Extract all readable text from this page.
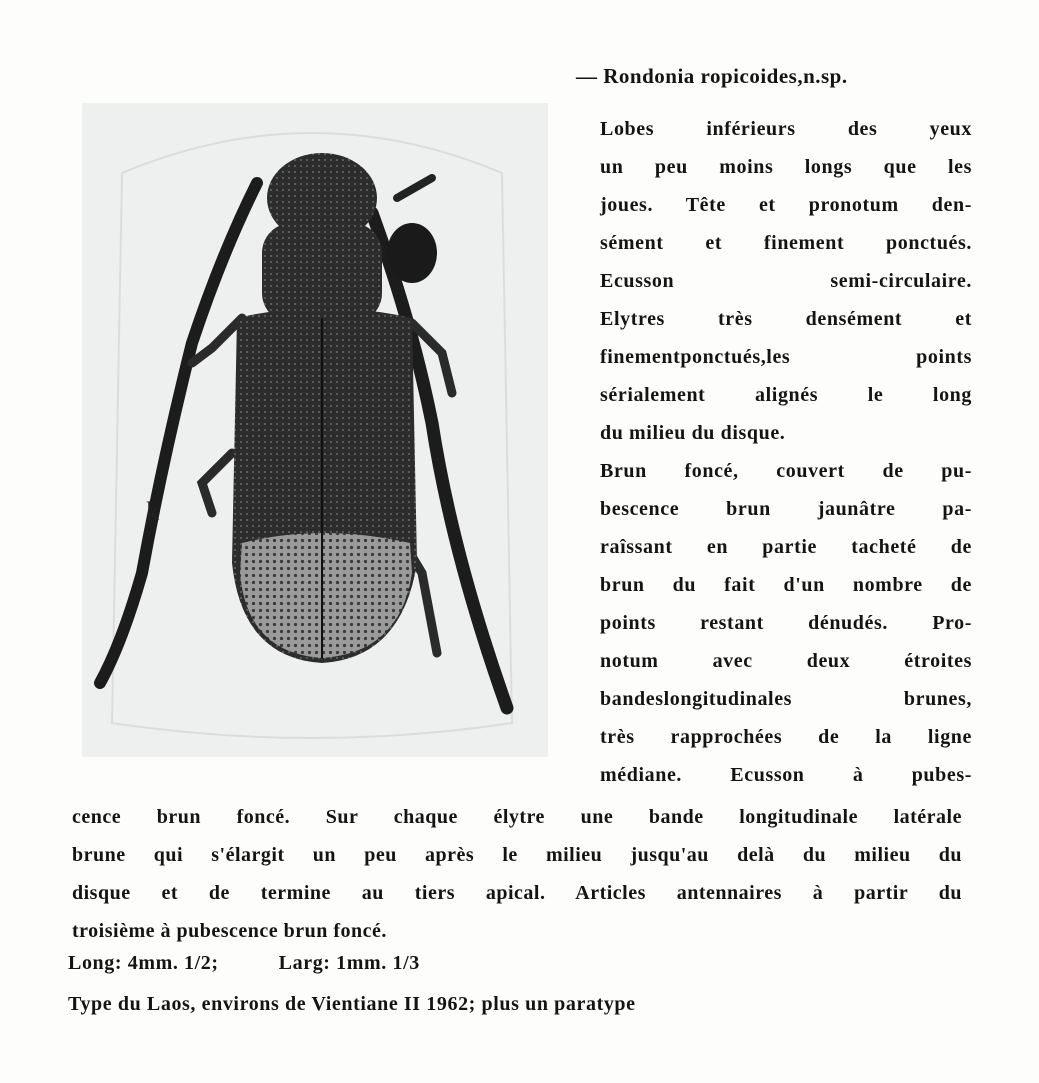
k
— Rondonia ropicoides,n.sp.

Lobes inférieurs des yeux

un peu moins longs que les

joues. Tête et pronotum den-

sément et finement ponctués.

Ecusson semi-circulaire.

Elytres très densément et

finementponctués,les points

sérialement alignés le long

du milieu du disque.

Brun foncé, couvert de pu-

bescence brun jaunâtre pa-

raîssant en partie tacheté de

brun du fait d'un nombre de

points restant dénudés. Pro-

notum avec deux étroites

bandeslongitudinales brunes,

très rapprochées de la ligne

médiane. Ecusson à pubes-

cence brun foncé. Sur chaque élytre une bande longitudinale latérale

brune qui s'élargit un peu après le milieu jusqu'au delà du milieu du

disque et de termine au tiers apical. Articles antennaires à partir du

troisième à pubescence brun foncé.

Long: 4mm. 1/2;	Larg: 1mm. 1/3
Type du Laos, environs de Vientiane II 1962; plus un paratype
